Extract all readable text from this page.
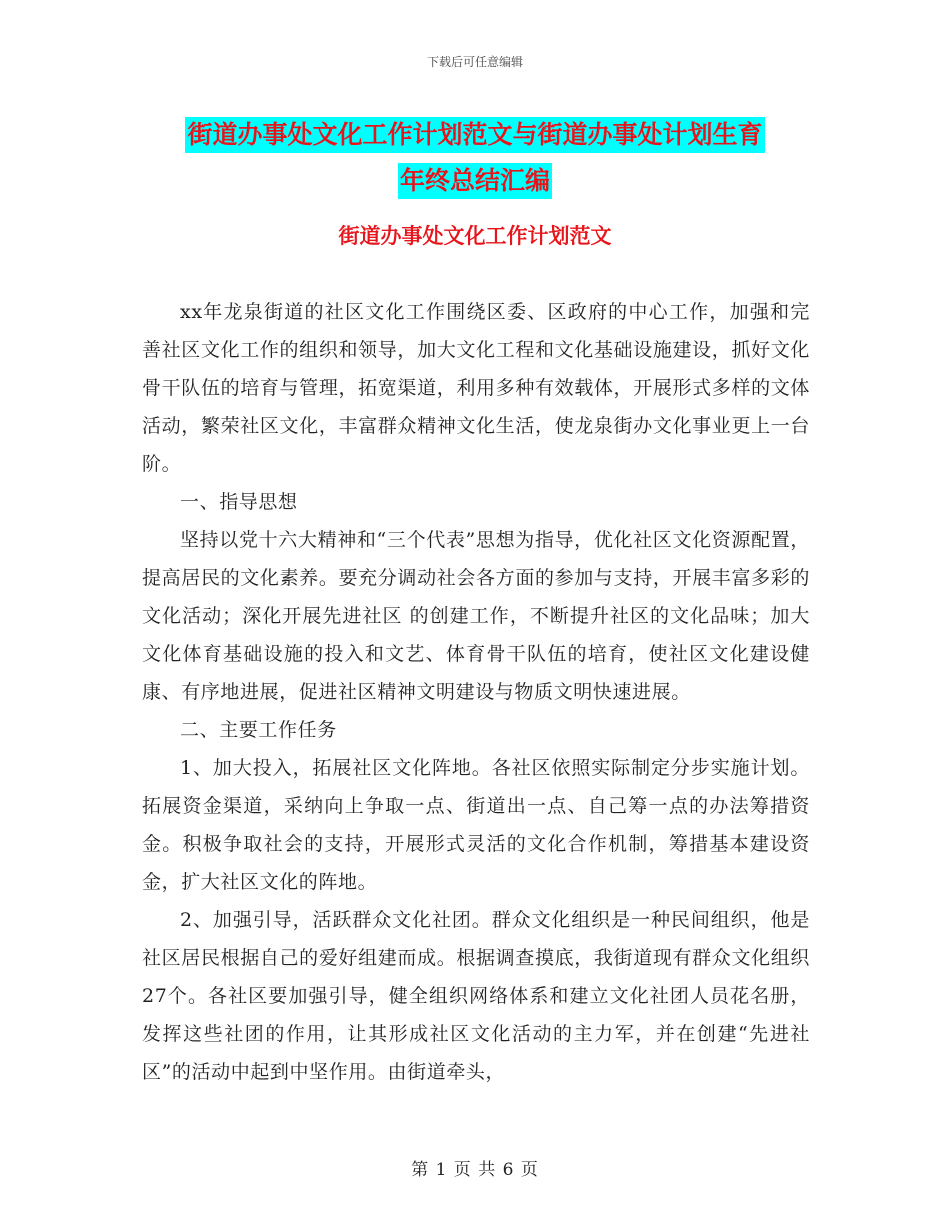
下载后可任意编辑
街道办事处文化工作计划范文与街道办事处计划生育
年终总结汇编
街道办事处文化工作计划范文

xx年龙泉街道的社区文化工作围绕区委、区政府的中心工作，加强和完善社区文化工作的组织和领导，加大文化工程和文化基础设施建设，抓好文化骨干队伍的培育与管理，拓宽渠道，利用多种有效载体，开展形式多样的文体活动，繁荣社区文化，丰富群众精神文化生活，使龙泉街办文化事业更上一台阶。

一、指导思想

坚持以党十六大精神和“三个代表”思想为指导，优化社区文化资源配置，提高居民的文化素养。要充分调动社会各方面的参加与支持，开展丰富多彩的文化活动；深化开展先进社区 的创建工作，不断提升社区的文化品味；加大文化体育基础设施的投入和文艺、体育骨干队伍的培育，使社区文化建设健康、有序地进展，促进社区精神文明建设与物质文明快速进展。

二、主要工作任务

1、加大投入，拓展社区文化阵地。各社区依照实际制定分步实施计划。拓展资金渠道，采纳向上争取一点、街道出一点、自己筹一点的办法筹措资金。积极争取社会的支持，开展形式灵活的文化合作机制，筹措基本建设资金，扩大社区文化的阵地。

2、加强引导，活跃群众文化社团。群众文化组织是一种民间组织，他是社区居民根据自己的爱好组建而成。根据调查摸底，我街道现有群众文化组织27个。各社区要加强引导，健全组织网络体系和建立文化社团人员花名册，发挥这些社团的作用，让其形成社区文化活动的主力军，并在创建“先进社区”的活动中起到中坚作用。由街道牵头，

第 1 页 共 6 页
